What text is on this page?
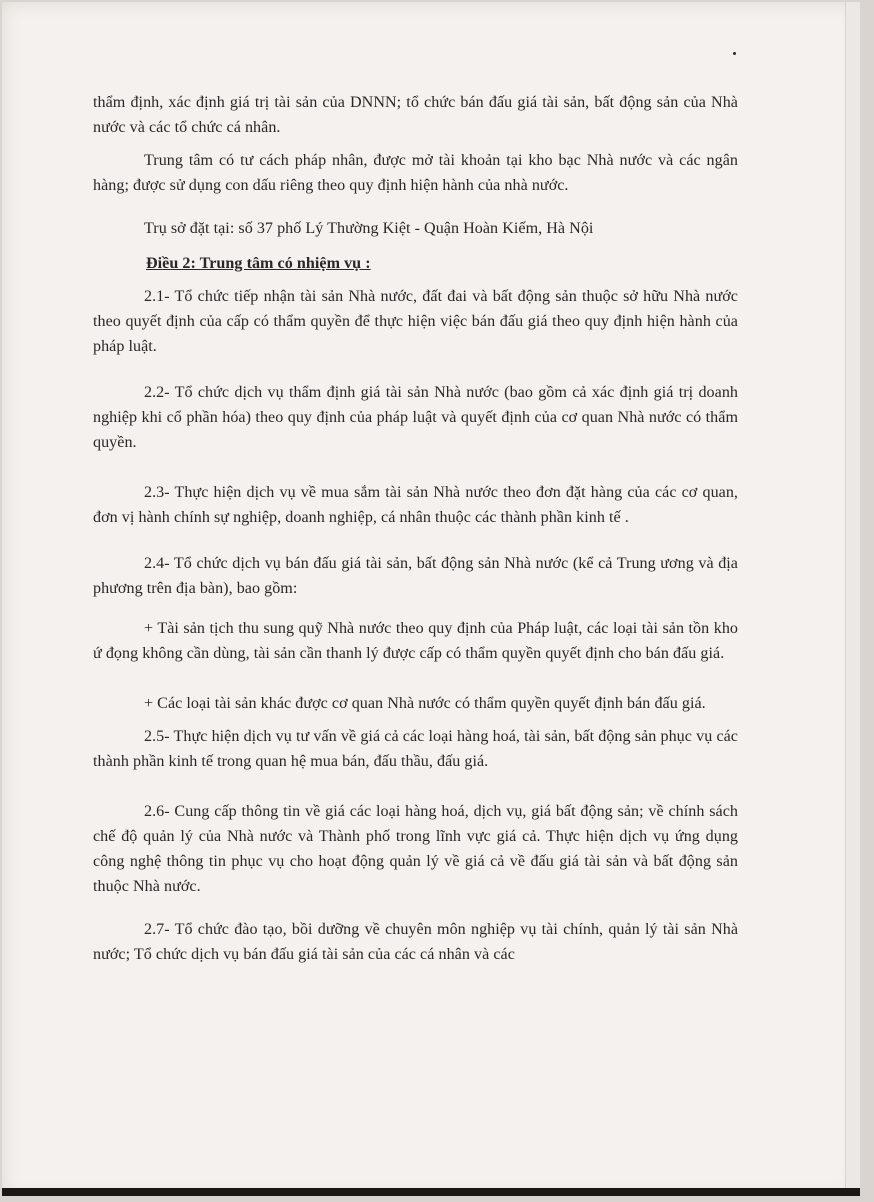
thẩm định, xác định giá trị tài sản của DNNN; tổ chức bán đấu giá tài sản, bất động sản của Nhà nước và các tổ chức cá nhân.

Trung tâm có tư cách pháp nhân, được mở tài khoản tại kho bạc Nhà nước và các ngân hàng; được sử dụng con dấu riêng theo quy định hiện hành của nhà nước.

Trụ sở đặt tại: số 37 phố Lý Thường Kiệt - Quận Hoàn Kiếm, Hà Nội

Điều 2: Trung tâm có nhiệm vụ :

2.1- Tổ chức tiếp nhận tài sản Nhà nước, đất đai và bất động sản thuộc sở hữu Nhà nước theo quyết định của cấp có thẩm quyền để thực hiện việc bán đấu giá theo quy định hiện hành của pháp luật.

2.2- Tổ chức dịch vụ thẩm định giá tài sản Nhà nước (bao gồm cả xác định giá trị doanh nghiệp khi cổ phần hóa) theo quy định của pháp luật và quyết định của cơ quan Nhà nước có thẩm quyền.

2.3- Thực hiện dịch vụ về mua sắm tài sản Nhà nước theo đơn đặt hàng của các cơ quan, đơn vị hành chính sự nghiệp, doanh nghiệp, cá nhân thuộc các thành phần kinh tế .

2.4- Tổ chức dịch vụ bán đấu giá tài sản, bất động sản Nhà nước (kể cả Trung ương và địa phương trên địa bàn), bao gồm:

+ Tài sản tịch thu sung quỹ Nhà nước theo quy định của Pháp luật, các loại tài sản tồn kho ứ đọng không cần dùng, tài sản cần thanh lý được cấp có thẩm quyền quyết định cho bán đấu giá.

+ Các loại tài sản khác được cơ quan Nhà nước có thẩm quyền quyết định bán đấu giá.

2.5- Thực hiện dịch vụ tư vấn về giá cả các loại hàng hoá, tài sản, bất động sản phục vụ các thành phần kinh tế trong quan hệ mua bán, đấu thầu, đấu giá.

2.6- Cung cấp thông tin về giá các loại hàng hoá, dịch vụ, giá bất động sản; về chính sách chế độ quản lý của Nhà nước và Thành phố trong lĩnh vực giá cả. Thực hiện dịch vụ ứng dụng công nghệ thông tin phục vụ cho hoạt động quản lý về giá cả về đấu giá tài sản và bất động sản thuộc Nhà nước.

2.7- Tổ chức đào tạo, bồi dưỡng về chuyên môn nghiệp vụ tài chính, quản lý tài sản Nhà nước; Tổ chức dịch vụ bán đấu giá tài sản của các cá nhân và các
